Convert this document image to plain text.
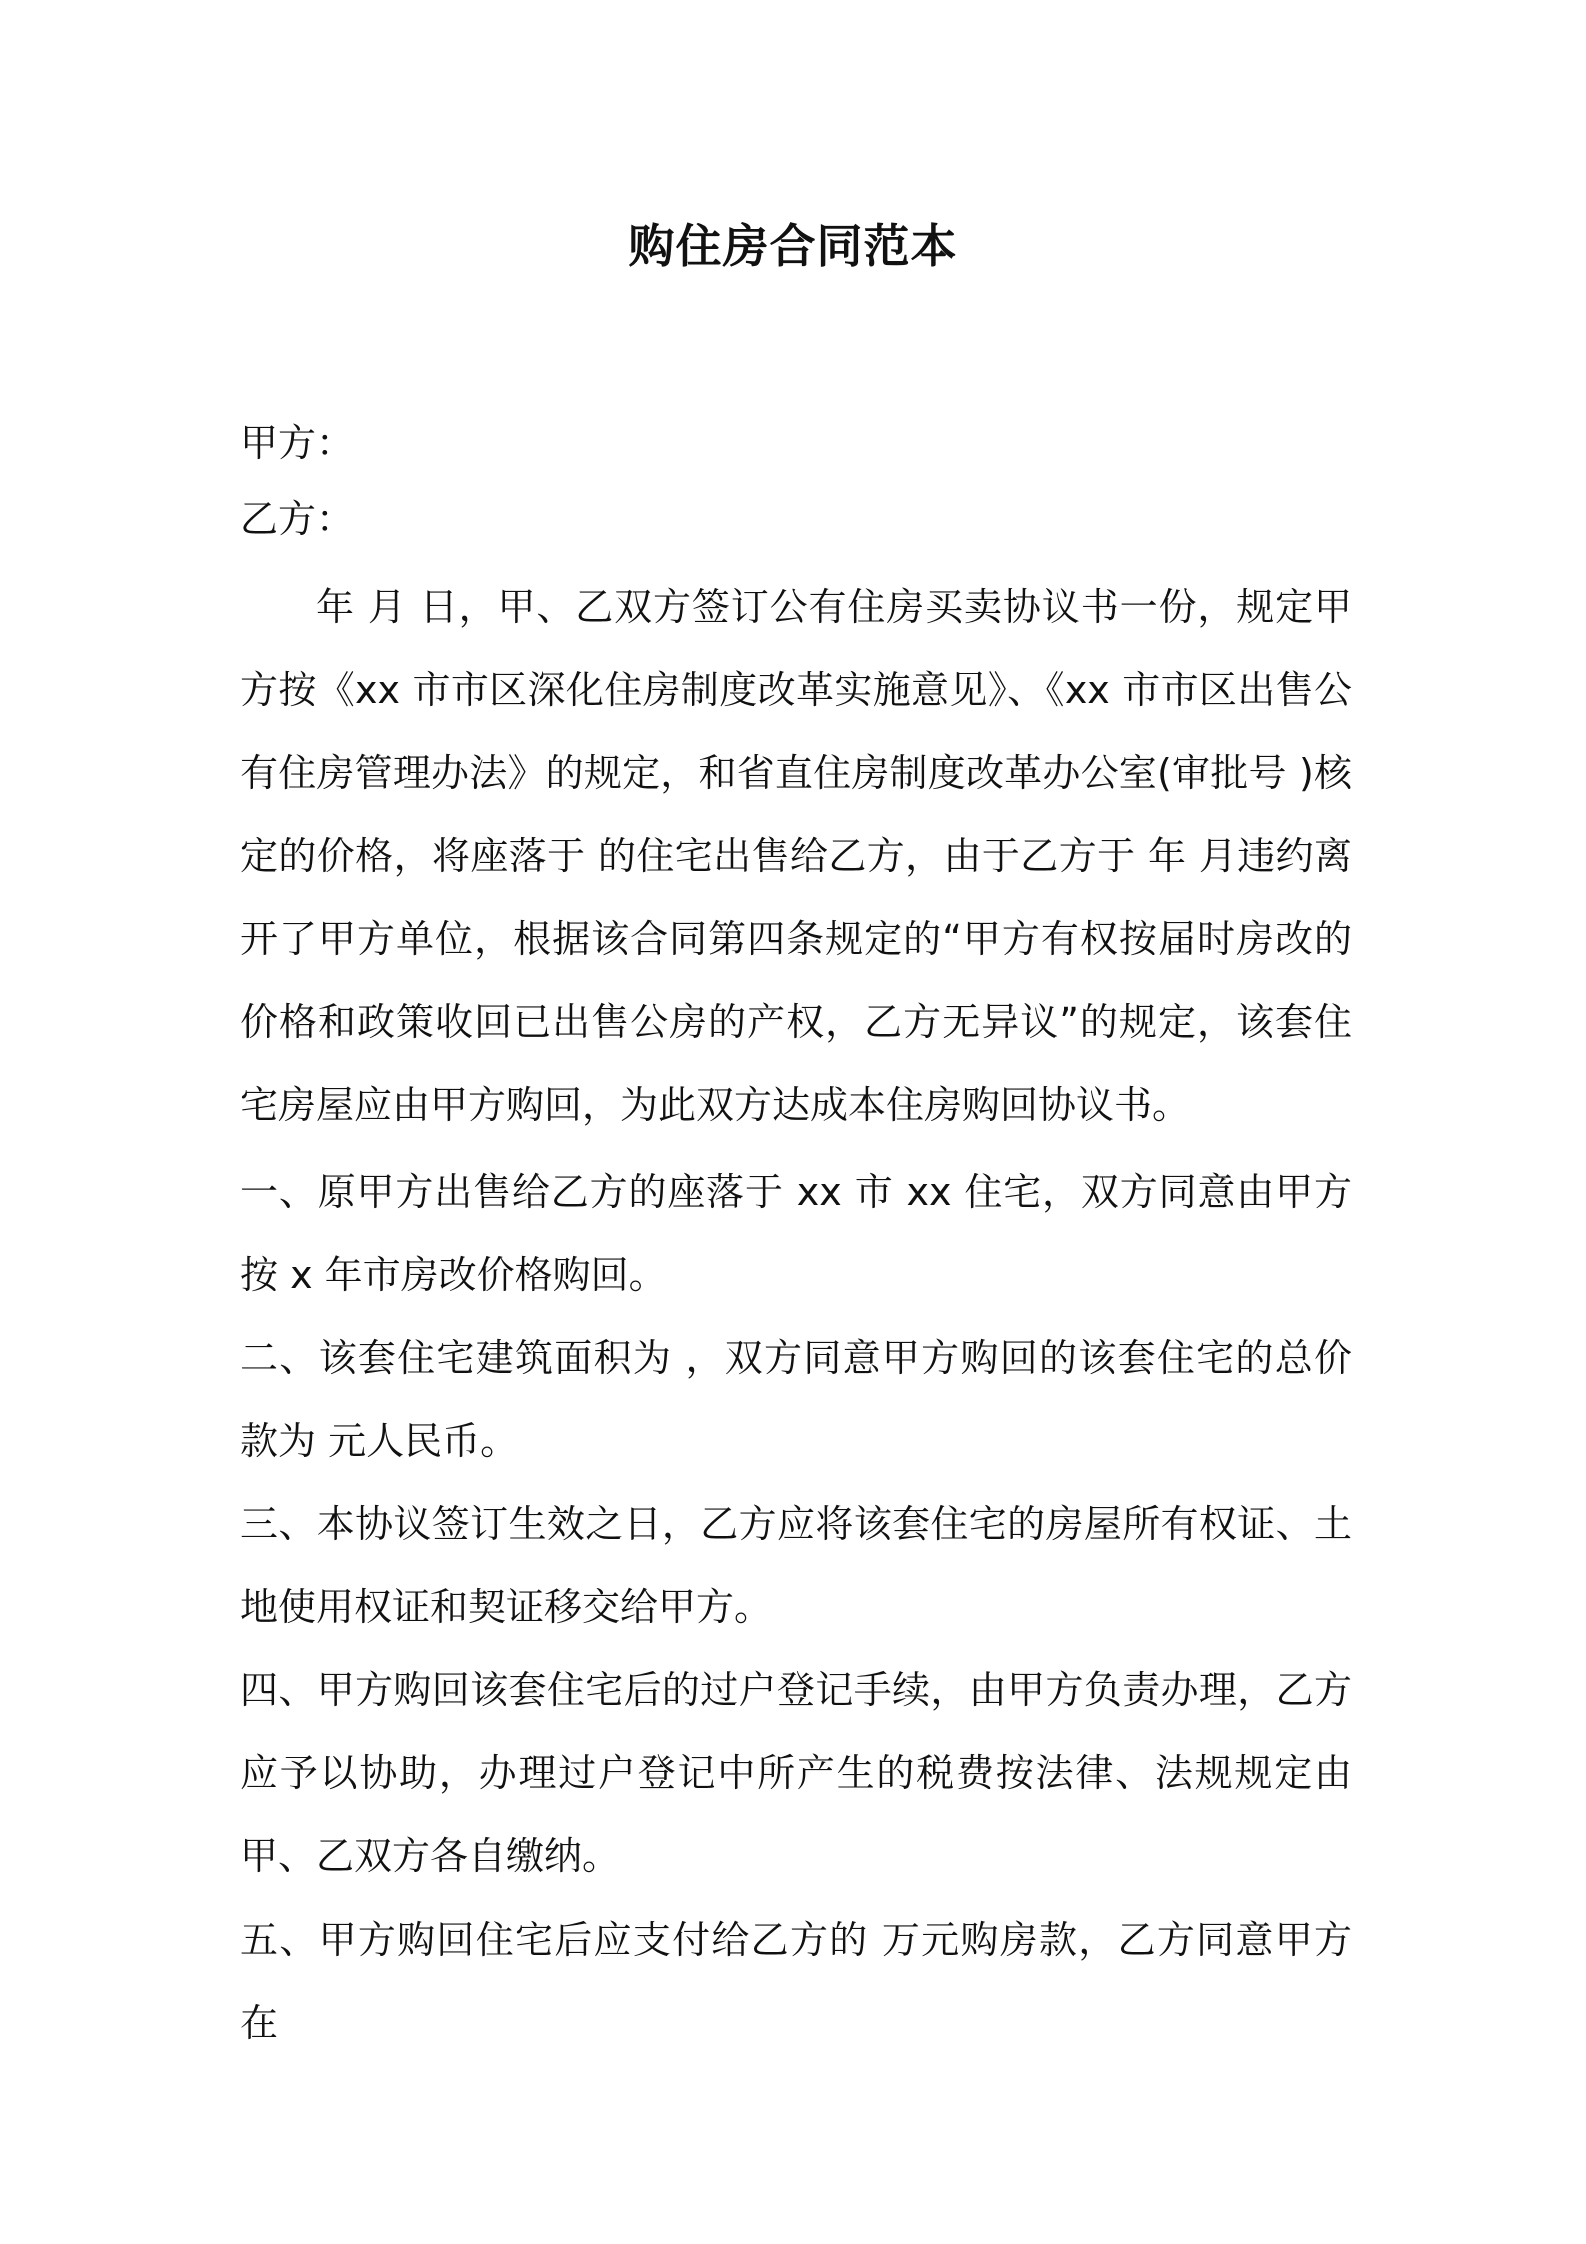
购住房合同范本

甲方：

乙方：

年 月 日，甲、乙双方签订公有住房买卖协议书一份，规定甲方按《xx 市市区深化住房制度改革实施意见》、《xx 市市区出售公有住房管理办法》的规定，和省直住房制度改革办公室(审批号 )核定的价格，将座落于 的住宅出售给乙方，由于乙方于 年 月违约离开了甲方单位，根据该合同第四条规定的“甲方有权按届时房改的价格和政策收回已出售公房的产权，乙方无异议”的规定，该套住宅房屋应由甲方购回，为此双方达成本住房购回协议书。

一、原甲方出售给乙方的座落于 xx 市 xx 住宅，双方同意由甲方按 x 年市房改价格购回。

二、该套住宅建筑面积为 ，双方同意甲方购回的该套住宅的总价款为 元人民币。

三、本协议签订生效之日，乙方应将该套住宅的房屋所有权证、土地使用权证和契证移交给甲方。

四、甲方购回该套住宅后的过户登记手续，由甲方负责办理，乙方应予以协助，办理过户登记中所产生的税费按法律、法规规定由甲、乙双方各自缴纳。

五、甲方购回住宅后应支付给乙方的 万元购房款，乙方同意甲方在
